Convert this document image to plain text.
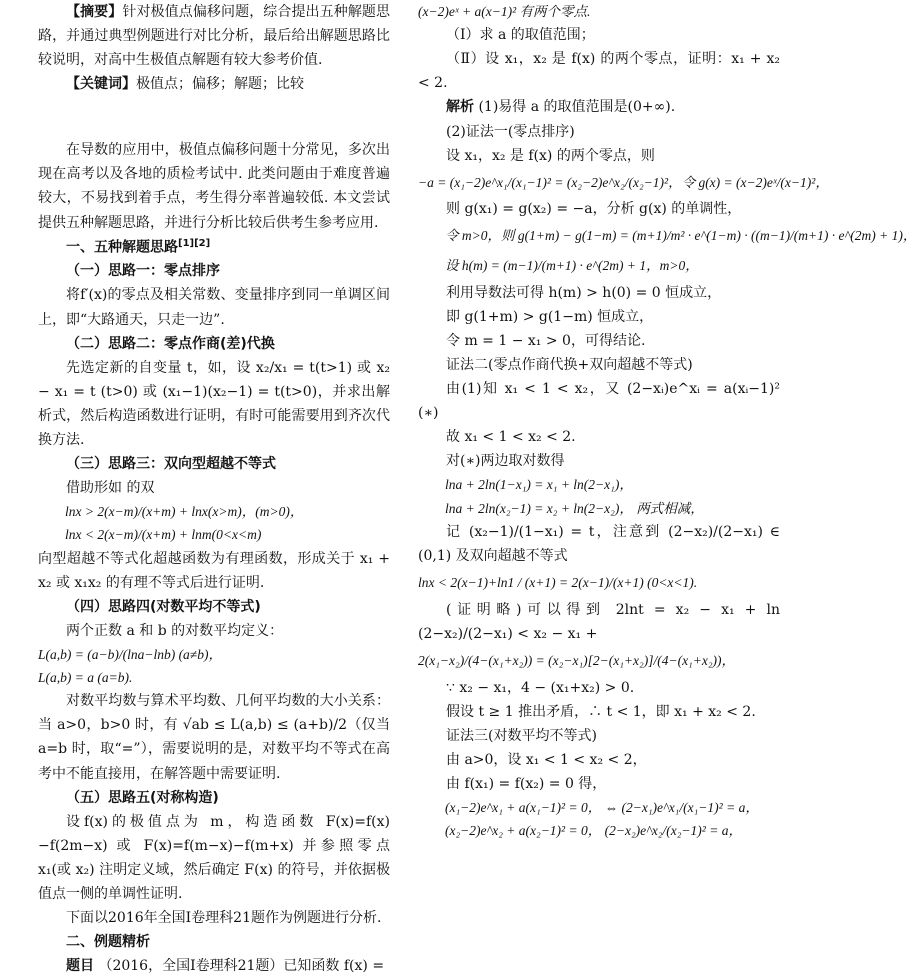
【摘要】针对极值点偏移问题，综合提出五种解题思路，并通过典型例题进行对比分析，最后给出解题思路比较说明，对高中生极值点解题有较大参考价值.

【关键词】极值点；偏移；解题；比较

在导数的应用中，极值点偏移问题十分常见，多次出现在高考以及各地的质检考试中. 此类问题由于难度普遍较大，不易找到着手点，考生得分率普遍较低. 本文尝试提供五种解题思路，并进行分析比较后供考生参考应用.

一、五种解题思路[1][2]

（一）思路一：零点排序

将f′(x)的零点及相关常数、变量排序到同一单调区间上，即“大路通天，只走一边”.

（二）思路二：零点作商(差)代换

先选定新的自变量 t，如，设 x₂/x₁ = t(t>1) 或 x₂ − x₁ = t (t>0) 或 (x₁−1)(x₂−1) = t(t>0)，并求出解析式，然后构造函数进行证明，有时可能需要用到齐次代换方法.

（三）思路三：双向型超越不等式

借助形如 的双

lnx > 2(x−m)/(x+m) + lnx(x>m)，(m>0)，

lnx < 2(x−m)/(x+m) + lnm(0<x<m)

向型超越不等式化超越函数为有理函数，形成关于 x₁ + x₂ 或 x₁x₂ 的有理不等式后进行证明.

（四）思路四(对数平均不等式)

两个正数 a 和 b 的对数平均定义：

L(a,b) = (a−b)/(lna−lnb) (a≠b)，

L(a,b) = a (a=b).

对数平均数与算术平均数、几何平均数的大小关系：当 a>0，b>0 时，有 √ab ≤ L(a,b) ≤ (a+b)/2（仅当 a=b 时，取“=”），需要说明的是，对数平均不等式在高考中不能直接用，在解答题中需要证明.

（五）思路五(对称构造)

设f(x)的极值点为 m，构造函数 F(x)=f(x)−f(2m−x) 或 F(x)=f(m−x)−f(m+x) 并参照零点 x₁(或 x₂) 注明定义域，然后确定 F(x) 的符号，并依据极值点一侧的单调性证明.

下面以2016年全国Ⅰ卷理科21题作为例题进行分析.

二、例题精析

题目 （2016，全国Ⅰ卷理科21题）已知函数 f(x) =

(x−2)eˣ + a(x−1)² 有两个零点.

（Ⅰ）求 a 的取值范围；

（Ⅱ）设 x₁，x₂ 是 f(x) 的两个零点，证明：x₁ + x₂ < 2.

解析 (1)易得 a 的取值范围是(0+∞).

(2)证法一(零点排序)

设 x₁，x₂ 是 f(x) 的两个零点，则

−a = (x₁−2)e^x₁/(x₁−1)² = (x₂−2)e^x₂/(x₂−1)²，令 g(x) = (x−2)eˣ/(x−1)²，

则 g(x₁) = g(x₂) = −a，分析 g(x) 的单调性，

令 m>0，则 g(1+m) − g(1−m) = (m+1)/m² · e^(1−m) · ((m−1)/(m+1) · e^(2m) + 1)，

设 h(m) = (m−1)/(m+1) · e^(2m) + 1，m>0，

利用导数法可得 h(m) > h(0) = 0 恒成立，

即 g(1+m) > g(1−m) 恒成立，

令 m = 1 − x₁ > 0，可得结论.

证法二(零点作商代换+双向超越不等式)

由(1)知 x₁ < 1 < x₂，又 (2−xᵢ)e^xᵢ = a(xᵢ−1)² (∗)

故 x₁ < 1 < x₂ < 2.

对(∗)两边取对数得

lna + 2ln(1−x₁) = x₁ + ln(2−x₁)，

lna + 2ln(x₂−1) = x₂ + ln(2−x₂)， 两式相减，

记 (x₂−1)/(1−x₁) = t，注意到 (2−x₂)/(2−x₁) ∈ (0,1) 及双向超越不等式

lnx < 2(x−1)+ln1 / (x+1) = 2(x−1)/(x+1) (0<x<1).

(证明略)可以得到 2lnt = x₂ − x₁ + ln (2−x₂)/(2−x₁) < x₂ − x₁ +

2(x₁−x₂)/(4−(x₁+x₂)) = (x₂−x₁)[2−(x₁+x₂)]/(4−(x₁+x₂))，

∵ x₂ − x₁，4 − (x₁+x₂) > 0.

假设 t ≥ 1 推出矛盾，∴ t < 1，即 x₁ + x₂ < 2.

证法三(对数平均不等式)

由 a>0，设 x₁ < 1 < x₂ < 2，

由 f(x₁) = f(x₂) = 0 得，

(x₁−2)e^x₁ + a(x₁−1)² = 0， ⇔ (2−x₁)e^x₁/(x₁−1)² = a，

(x₂−2)e^x₂ + a(x₂−1)² = 0， (2−x₂)e^x₂/(x₂−1)² = a，
